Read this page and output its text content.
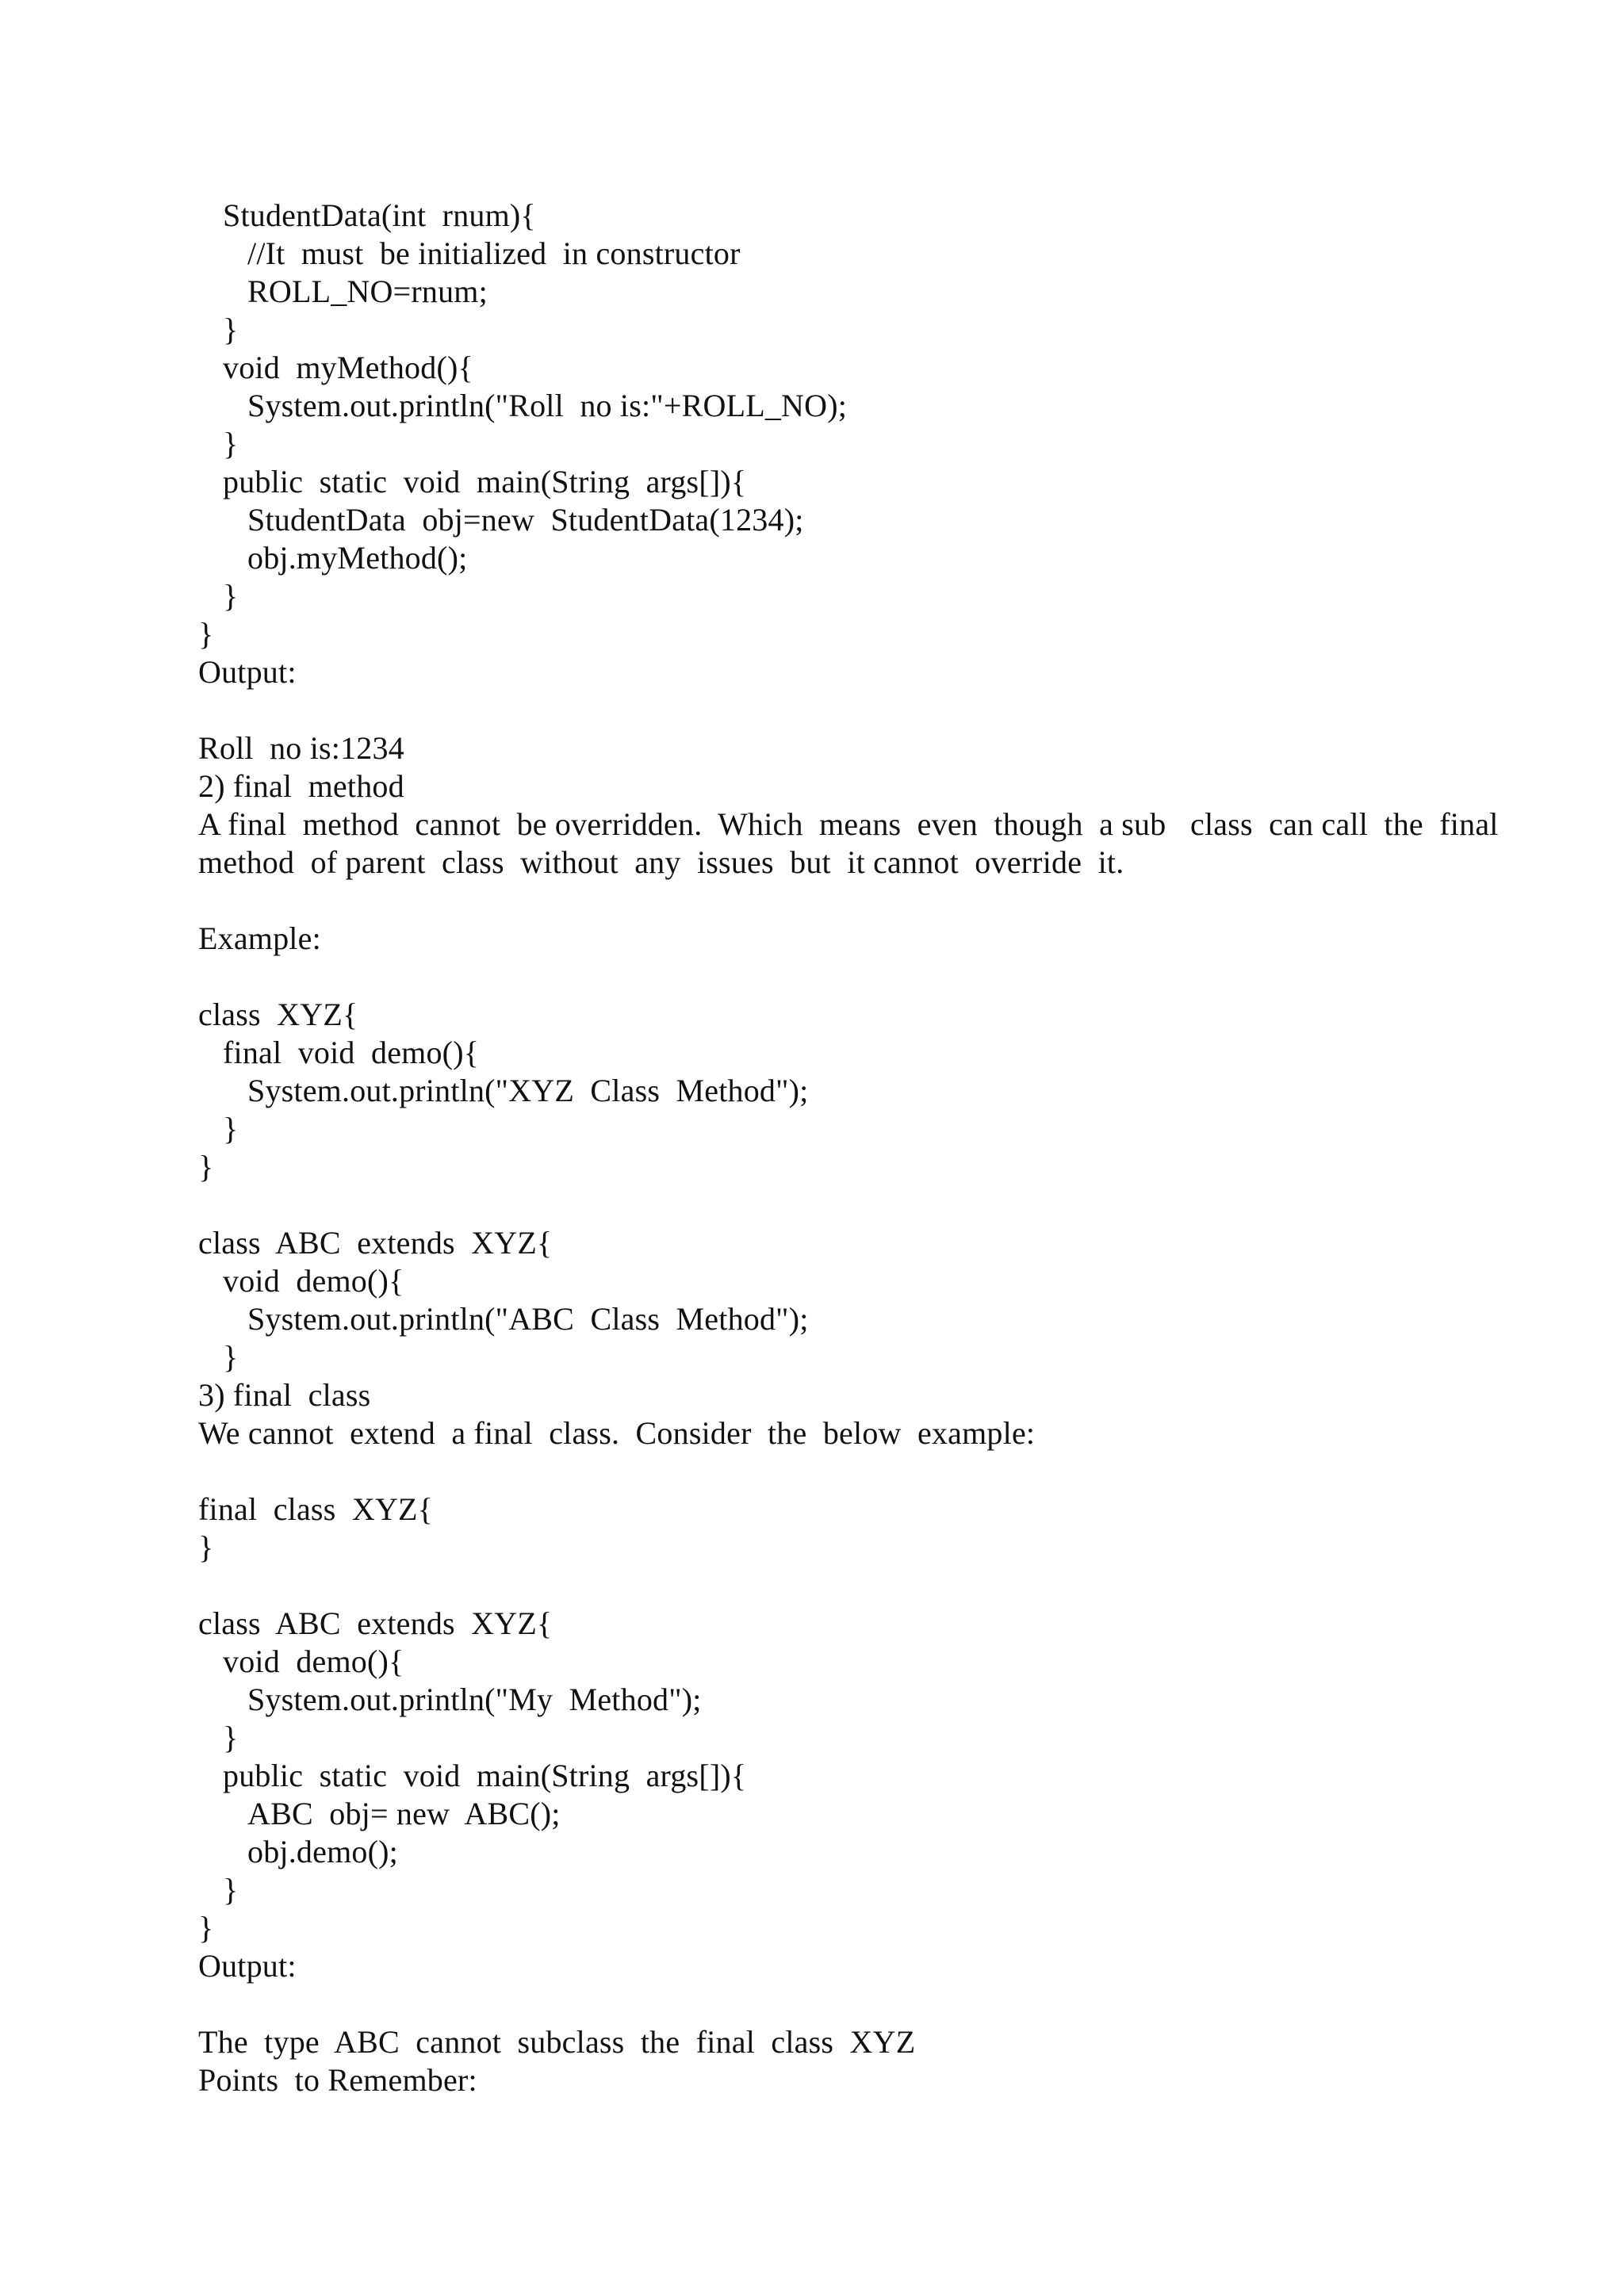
StudentData(int  rnum){
//It  must  be initialized  in constructor
ROLL_NO=rnum;
}
void  myMethod(){
System.out.println("Roll  no is:"+ROLL_NO);
}
public  static  void  main(String  args[]){
StudentData  obj=new  StudentData(1234);
obj.myMethod();
}
}
Output:
Roll  no is:1234
2) final  method
A final  method  cannot  be overridden.  Which  means  even  though  a sub   class  can call  the  final
method  of parent  class  without  any  issues  but  it cannot  override  it.
Example:
class  XYZ{
final  void  demo(){
System.out.println("XYZ  Class  Method");
}
}
class  ABC  extends  XYZ{
void  demo(){
System.out.println("ABC  Class  Method");
}
3) final  class
We cannot  extend  a final  class.  Consider  the  below  example:
final  class  XYZ{
}
class  ABC  extends  XYZ{
void  demo(){
System.out.println("My  Method");
}
public  static  void  main(String  args[]){
ABC  obj= new  ABC();
obj.demo();
}
}
Output:
The  type  ABC  cannot  subclass  the  final  class  XYZ
Points  to Remember:
